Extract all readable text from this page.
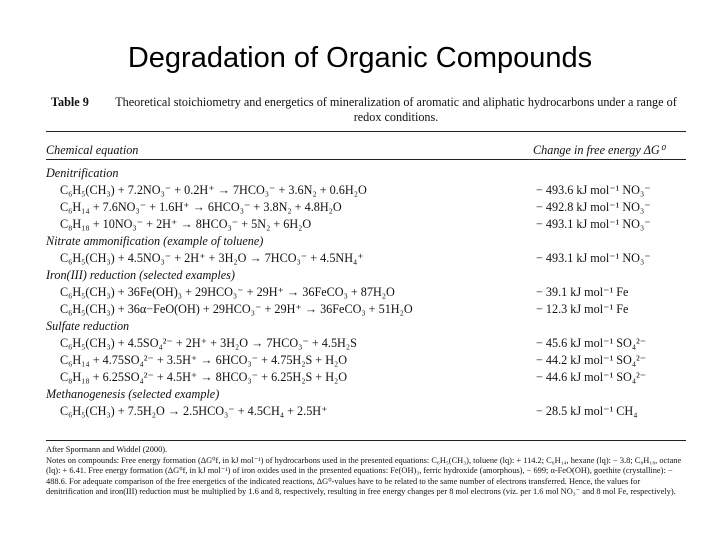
Degradation of Organic Compounds
Table 9	Theoretical stoichiometry and energetics of mineralization of aromatic and aliphatic hydrocarbons under a range of redox conditions.
Chemical equation	Change in free energy ΔG⁰
Denitrification
C₆H₅(CH₃) + 7.2NO₃⁻ + 0.2H⁺ → 7HCO₃⁻ + 3.6N₂ + 0.6H₂O	− 493.6 kJ mol⁻¹ NO₃⁻
C₆H₁₄ + 7.6NO₃⁻ + 1.6H⁺ → 6HCO₃⁻ + 3.8N₂ + 4.8H₂O	− 492.8 kJ mol⁻¹ NO₃⁻
C₈H₁₈ + 10NO₃⁻ + 2H⁺ → 8HCO₃⁻ + 5N₂ + 6H₂O	− 493.1 kJ mol⁻¹ NO₃⁻
Nitrate ammonification (example of toluene)
C₆H₅(CH₃) + 4.5NO₃⁻ + 2H⁺ + 3H₂O → 7HCO₃⁻ + 4.5NH₄⁺	− 493.1 kJ mol⁻¹ NO₃⁻
Iron(III) reduction (selected examples)
C₆H₅(CH₃) + 36Fe(OH)₃ + 29HCO₃⁻ + 29H⁺ → 36FeCO₃ + 87H₂O	− 39.1 kJ mol⁻¹ Fe
C₆H₅(CH₃) + 36α−FeO(OH) + 29HCO₃⁻ + 29H⁺ → 36FeCO₃ + 51H₂O	− 12.3 kJ mol⁻¹ Fe
Sulfate reduction
C₆H₅(CH₃) + 4.5SO₄²⁻ + 2H⁺ + 3H₂O → 7HCO₃⁻ + 4.5H₂S	− 45.6 kJ mol⁻¹ SO₄²⁻
C₆H₁₄ + 4.75SO₄²⁻ + 3.5H⁺ → 6HCO₃⁻ + 4.75H₂S + H₂O	− 44.2 kJ mol⁻¹ SO₄²⁻
C₈H₁₈ + 6.25SO₄²⁻ + 4.5H⁺ → 8HCO₃⁻ + 6.25H₂S + H₂O	− 44.6 kJ mol⁻¹ SO₄²⁻
Methanogenesis (selected example)
C₆H₅(CH₃) + 7.5H₂O → 2.5HCO₃⁻ + 4.5CH₄ + 2.5H⁺	− 28.5 kJ mol⁻¹ CH₄

After Spormann and Widdel (2000).

Notes on compounds: Free energy formation (ΔG⁰f, in kJ mol⁻¹) of hydrocarbons used in the presented equations: C₆H₅(CH₃), toluene (lq): + 114.2; C₆H₁₄, hexane (lq): − 3.8; C₈H₁₈, octane (lq): + 6.41. Free energy formation (ΔG⁰f, in kJ mol⁻¹) of iron oxides used in the presented equations: Fe(OH)₃, ferric hydroxide (amorphous), − 699; α-FeO(OH), goethite (crystalline): − 488.6. For adequate comparison of the free energetics of the indicated reactions, ΔG⁰-values have to be related to the same number of electrons transferred. Hence, the values for denitrification and iron(III) reduction must be multiplied by 1.6 and 8, respectively, resulting in free energy changes per 8 mol electrons (viz. per 1.6 mol NO₃⁻ and 8 mol Fe, respectively).
